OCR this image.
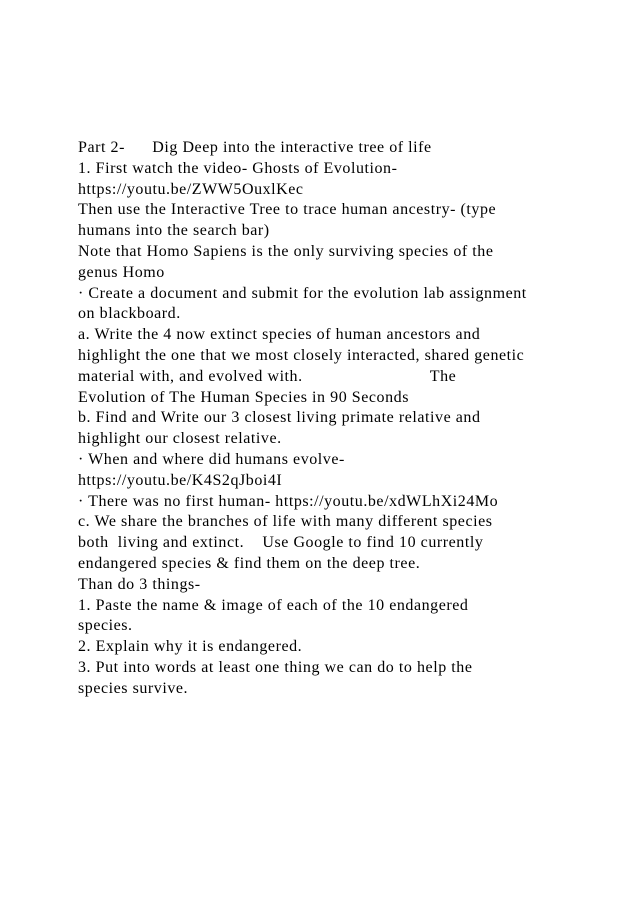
Part 2-      Dig Deep into the interactive tree of life
1. First watch the video- Ghosts of Evolution-
https://youtu.be/ZWW5OuxlKec
Then use the Interactive Tree to trace human ancestry- (type
humans into the search bar)
Note that Homo Sapiens is the only surviving species of the
genus Homo
· Create a document and submit for the evolution lab assignment
on blackboard.
a. Write the 4 now extinct species of human ancestors and
highlight the one that we most closely interacted, shared genetic
material with, and evolved with.                            The
Evolution of The Human Species in 90 Seconds
b. Find and Write our 3 closest living primate relative and
highlight our closest relative.
· When and where did humans evolve-
https://youtu.be/K4S2qJboi4I
· There was no first human- https://youtu.be/xdWLhXi24Mo
c. We share the branches of life with many different species
both  living and extinct.    Use Google to find 10 currently
endangered species & find them on the deep tree.
Than do 3 things-
1. Paste the name & image of each of the 10 endangered
species.
2. Explain why it is endangered.
3. Put into words at least one thing we can do to help the
species survive.
